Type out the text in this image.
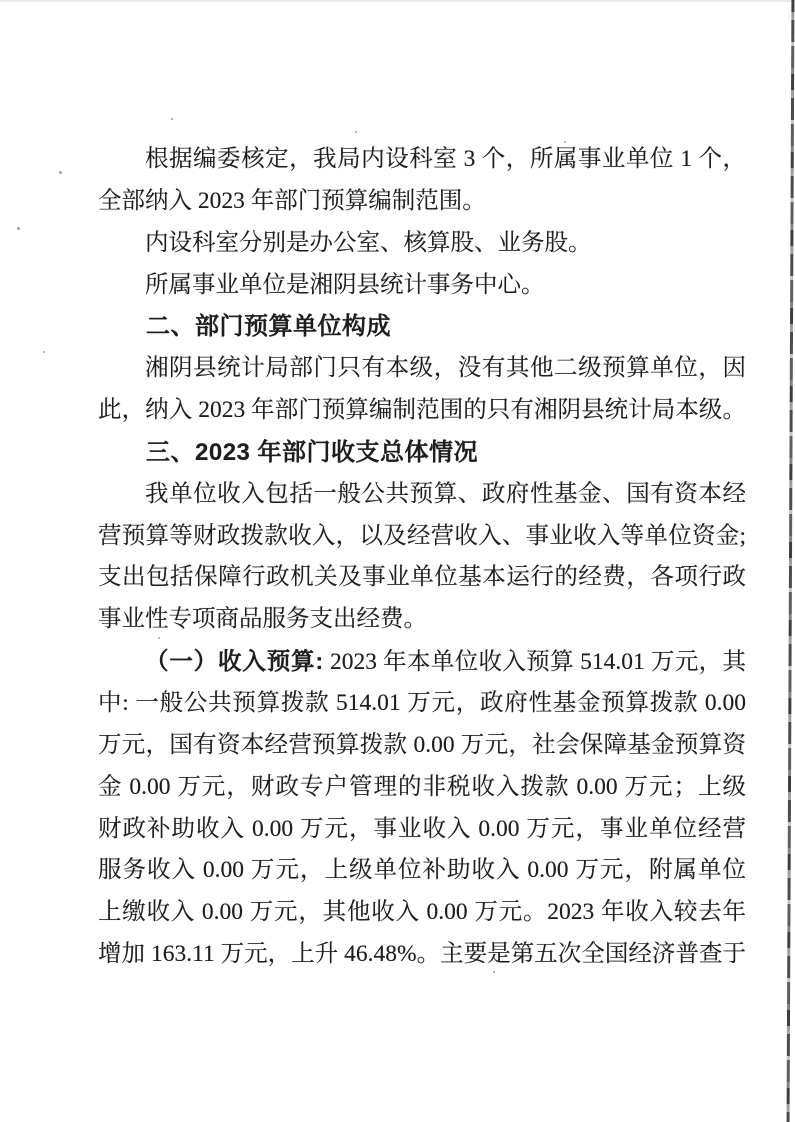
根据编委核定，我局内设科室 3 个，所属事业单位 1 个，

全部纳入 2023 年部门预算编制范围。

内设科室分别是办公室、核算股、业务股。

所属事业单位是湘阴县统计事务中心。

二、部门预算单位构成

湘阴县统计局部门只有本级，没有其他二级预算单位，因

此，纳入 2023 年部门预算编制范围的只有湘阴县统计局本级。

三、2023 年部门收支总体情况

我单位收入包括一般公共预算、政府性基金、国有资本经

营预算等财政拨款收入，以及经营收入、事业收入等单位资金;

支出包括保障行政机关及事业单位基本运行的经费，各项行政

事业性专项商品服务支出经费。

（一）收入预算: 2023 年本单位收入预算 514.01 万元，其

中: 一般公共预算拨款 514.01 万元，政府性基金预算拨款 0.00

万元，国有资本经营预算拨款 0.00 万元，社会保障基金预算资

金 0.00 万元，财政专户管理的非税收入拨款 0.00 万元；上级

财政补助收入 0.00 万元，事业收入 0.00 万元，事业单位经营

服务收入 0.00 万元，上级单位补助收入 0.00 万元，附属单位

上缴收入 0.00 万元，其他收入 0.00 万元。2023 年收入较去年

增加 163.11 万元，上升 46.48%。主要是第五次全国经济普查于
